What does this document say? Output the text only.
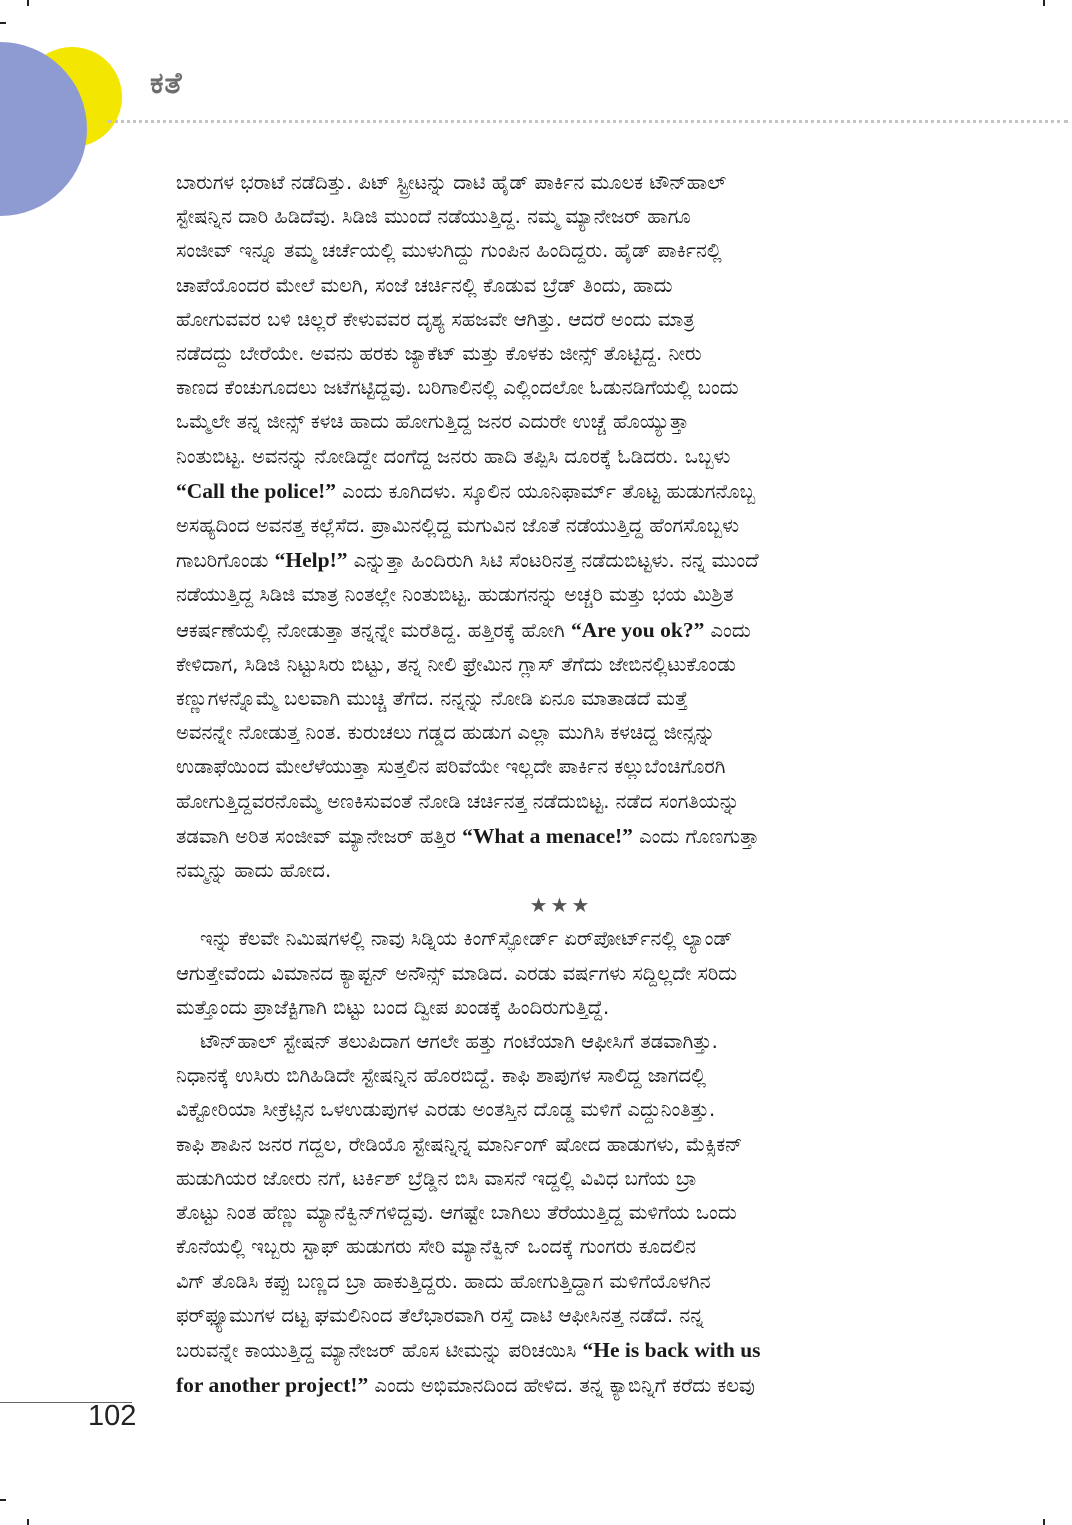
ಕತೆ

ಬಾರುಗಳ ಭರಾಟೆ ನಡೆದಿತ್ತು. ಪಿಟ್ ಸ್ಟ್ರೀಟನ್ನು ದಾಟಿ ಹೈಡ್ ಪಾರ್ಕಿನ ಮೂಲಕ ಟೌನ್‌ಹಾಲ್

ಸ್ಟೇಷನ್ನಿನ ದಾರಿ ಹಿಡಿದೆವು. ಸಿಡಿಜಿ ಮುಂದೆ ನಡೆಯುತ್ತಿದ್ದ. ನಮ್ಮ ಮ್ಯಾನೇಜರ್ ಹಾಗೂ

ಸಂಜೀವ್ ಇನ್ನೂ ತಮ್ಮ ಚರ್ಚೆಯಲ್ಲಿ ಮುಳುಗಿದ್ದು ಗುಂಪಿನ ಹಿಂದಿದ್ದರು. ಹೈಡ್ ಪಾರ್ಕಿನಲ್ಲಿ

ಚಾಪೆಯೊಂದರ ಮೇಲೆ ಮಲಗಿ, ಸಂಜೆ ಚರ್ಚಿನಲ್ಲಿ ಕೊಡುವ ಬ್ರೆಡ್ ತಿಂದು, ಹಾದು

ಹೋಗುವವರ ಬಳಿ ಚಿಲ್ಲರೆ ಕೇಳುವವರ ದೃಶ್ಯ ಸಹಜವೇ ಆಗಿತ್ತು. ಆದರೆ ಅಂದು ಮಾತ್ರ

ನಡೆದದ್ದು ಬೇರೆಯೇ. ಅವನು ಹರಕು ಜ್ಯಾಕೆಟ್ ಮತ್ತು ಕೊಳಕು ಜೀನ್ಸ್ ತೊಟ್ಟಿದ್ದ. ನೀರು

ಕಾಣದ ಕೆಂಚುಗೂದಲು ಜಟೆಗಟ್ಟಿದ್ದವು. ಬರಿಗಾಲಿನಲ್ಲಿ ಎಲ್ಲಿಂದಲೋ ಓಡುನಡಿಗೆಯಲ್ಲಿ ಬಂದು

ಒಮ್ಮೆಲೇ ತನ್ನ ಜೀನ್ಸ್ ಕಳಚಿ ಹಾದು ಹೋಗುತ್ತಿದ್ದ ಜನರ ಎದುರೇ ಉಚ್ಚೆ ಹೊಯ್ಯುತ್ತಾ

ನಿಂತುಬಿಟ್ಟ. ಅವನನ್ನು ನೋಡಿದ್ದೇ ದಂಗೆದ್ದ ಜನರು ಹಾದಿ ತಪ್ಪಿಸಿ ದೂರಕ್ಕೆ ಓಡಿದರು. ಒಬ್ಬಳು

“Call the police!” ಎಂದು ಕೂಗಿದಳು. ಸ್ಕೂಲಿನ ಯೂನಿಫಾರ್ಮ್ ತೊಟ್ಟ ಹುಡುಗನೊಬ್ಬ

ಅಸಹ್ಯದಿಂದ ಅವನತ್ತ ಕಲ್ಲೆಸೆದ. ಪ್ರಾಮಿನಲ್ಲಿದ್ದ ಮಗುವಿನ ಜೊತೆ ನಡೆಯುತ್ತಿದ್ದ ಹೆಂಗಸೊಬ್ಬಳು

ಗಾಬರಿಗೊಂಡು “Help!” ಎನ್ನುತ್ತಾ ಹಿಂದಿರುಗಿ ಸಿಟಿ ಸೆಂಟರಿನತ್ತ ನಡೆದುಬಿಟ್ಟಳು. ನನ್ನ ಮುಂದೆ

ನಡೆಯುತ್ತಿದ್ದ ಸಿಡಿಜಿ ಮಾತ್ರ ನಿಂತಲ್ಲೇ ನಿಂತುಬಿಟ್ಟ. ಹುಡುಗನನ್ನು ಅಚ್ಚರಿ ಮತ್ತು ಭಯ ಮಿಶ್ರಿತ

ಆಕರ್ಷಣೆಯಲ್ಲಿ ನೋಡುತ್ತಾ ತನ್ನನ್ನೇ ಮರೆತಿದ್ದ. ಹತ್ತಿರಕ್ಕೆ ಹೋಗಿ “Are you ok?” ಎಂದು

ಕೇಳಿದಾಗ, ಸಿಡಿಜಿ ನಿಟ್ಟುಸಿರು ಬಿಟ್ಟು, ತನ್ನ ನೀಲಿ ಫ್ರೇಮಿನ ಗ್ಲಾಸ್ ತೆಗೆದು ಜೇಬಿನಲ್ಲಿಟುಕೊಂಡು

ಕಣ್ಣುಗಳನ್ನೊಮ್ಮೆ ಬಲವಾಗಿ ಮುಚ್ಚಿ ತೆಗೆದ. ನನ್ನನ್ನು ನೋಡಿ ಏನೂ ಮಾತಾಡದೆ ಮತ್ತೆ

ಅವನನ್ನೇ ನೋಡುತ್ತ ನಿಂತ. ಕುರುಚಲು ಗಡ್ಡದ ಹುಡುಗ ಎಲ್ಲಾ ಮುಗಿಸಿ ಕಳಚಿದ್ದ ಜೀನ್ಸನ್ನು

ಉಡಾಫೆಯಿಂದ ಮೇಲೆಳೆಯುತ್ತಾ ಸುತ್ತಲಿನ ಪರಿವೆಯೇ ಇಲ್ಲದೇ ಪಾರ್ಕಿನ ಕಲ್ಲುಬೆಂಚಿಗೊರಗಿ

ಹೋಗುತ್ತಿದ್ದವರನೊಮ್ಮೆ ಅಣಕಿಸುವಂತೆ ನೋಡಿ ಚರ್ಚಿನತ್ತ ನಡೆದುಬಿಟ್ಟ. ನಡೆದ ಸಂಗತಿಯನ್ನು

ತಡವಾಗಿ ಅರಿತ ಸಂಜೀವ್ ಮ್ಯಾನೇಜರ್ ಹತ್ತಿರ “What a menace!” ಎಂದು ಗೊಣಗುತ್ತಾ

ನಮ್ಮನ್ನು ಹಾದು ಹೋದ.

★★★

ಇನ್ನು ಕೆಲವೇ ನಿಮಿಷಗಳಲ್ಲಿ ನಾವು ಸಿಡ್ನಿಯ ಕಿಂಗ್‌ಸ್ಫೋರ್ಡ್ ಏರ್‌ಪೋರ್ಟ್‌ನಲ್ಲಿ ಲ್ಯಾಂಡ್

ಆಗುತ್ತೇವೆಂದು ವಿಮಾನದ ಕ್ಯಾಪ್ಟನ್ ಅನೌನ್ಸ್ ಮಾಡಿದ. ಎರಡು ವರ್ಷಗಳು ಸದ್ದಿಲ್ಲದೇ ಸರಿದು

ಮತ್ತೊಂದು ಪ್ರಾಜೆಕ್ಟಿಗಾಗಿ ಬಿಟ್ಟು ಬಂದ ದ್ವೀಪ ಖಂಡಕ್ಕೆ ಹಿಂದಿರುಗುತ್ತಿದ್ದೆ.

ಟೌನ್‌ಹಾಲ್ ಸ್ಟೇಷನ್ ತಲುಪಿದಾಗ ಆಗಲೇ ಹತ್ತು ಗಂಟೆಯಾಗಿ ಆಫೀಸಿಗೆ ತಡವಾಗಿತ್ತು.

ನಿಧಾನಕ್ಕೆ ಉಸಿರು ಬಿಗಿಹಿಡಿದೇ ಸ್ಟೇಷನ್ನಿನ ಹೊರಬಿದ್ದೆ. ಕಾಫಿ ಶಾಪುಗಳ ಸಾಲಿದ್ದ ಜಾಗದಲ್ಲಿ

ವಿಕ್ಟೋರಿಯಾ ಸೀಕ್ರೆಟ್ಸಿನ ಒಳಉಡುಪುಗಳ ಎರಡು ಅಂತಸ್ತಿನ ದೊಡ್ಡ ಮಳಿಗೆ ಎದ್ದುನಿಂತಿತ್ತು.

ಕಾಫಿ ಶಾಪಿನ ಜನರ ಗದ್ದಲ, ರೇಡಿಯೊ ಸ್ಟೇಷನ್ನಿನ್ನ ಮಾರ್ನಿಂಗ್ ಷೋದ ಹಾಡುಗಳು, ಮೆಕ್ಸಿಕನ್

ಹುಡುಗಿಯರ ಜೋರು ನಗೆ, ಟರ್ಕಿಶ್ ಬ್ರೆಡ್ಡಿನ ಬಿಸಿ ವಾಸನೆ ಇದ್ದಲ್ಲಿ ವಿವಿಧ ಬಗೆಯ ಬ್ರಾ

ತೊಟ್ಟು ನಿಂತ ಹೆಣ್ಣು ಮ್ಯಾನೆಕ್ವಿನ್‌ಗಳಿದ್ದವು. ಆಗಷ್ಟೇ ಬಾಗಿಲು ತೆರೆಯುತ್ತಿದ್ದ ಮಳಿಗೆಯ ಒಂದು

ಕೊನೆಯಲ್ಲಿ ಇಬ್ಬರು ಸ್ಟಾಫ್ ಹುಡುಗರು ಸೇರಿ ಮ್ಯಾನೆಕ್ವಿನ್ ಒಂದಕ್ಕೆ ಗುಂಗರು ಕೂದಲಿನ

ವಿಗ್ ತೊಡಿಸಿ ಕಪ್ಪು ಬಣ್ಣದ ಬ್ರಾ ಹಾಕುತ್ತಿದ್ದರು. ಹಾದು ಹೋಗುತ್ತಿದ್ದಾಗ ಮಳಿಗೆಯೊಳಗಿನ

ಫರ್‌ಫ್ಯೂಮುಗಳ ದಟ್ಟ ಘಮಲಿನಿಂದ ತೆಲೆಭಾರವಾಗಿ ರಸ್ತೆ ದಾಟಿ ಆಫೀಸಿನತ್ತ ನಡೆದೆ. ನನ್ನ

ಬರುವನ್ನೇ ಕಾಯುತ್ತಿದ್ದ ಮ್ಯಾನೇಜರ್ ಹೊಸ ಟೀಮನ್ನು ಪರಿಚಯಿಸಿ “He is back with us

for another project!” ಎಂದು ಅಭಿಮಾನದಿಂದ ಹೇಳಿದ. ತನ್ನ ಕ್ಯಾಬಿನ್ನಿಗೆ ಕರೆದು ಕಲವು

102
